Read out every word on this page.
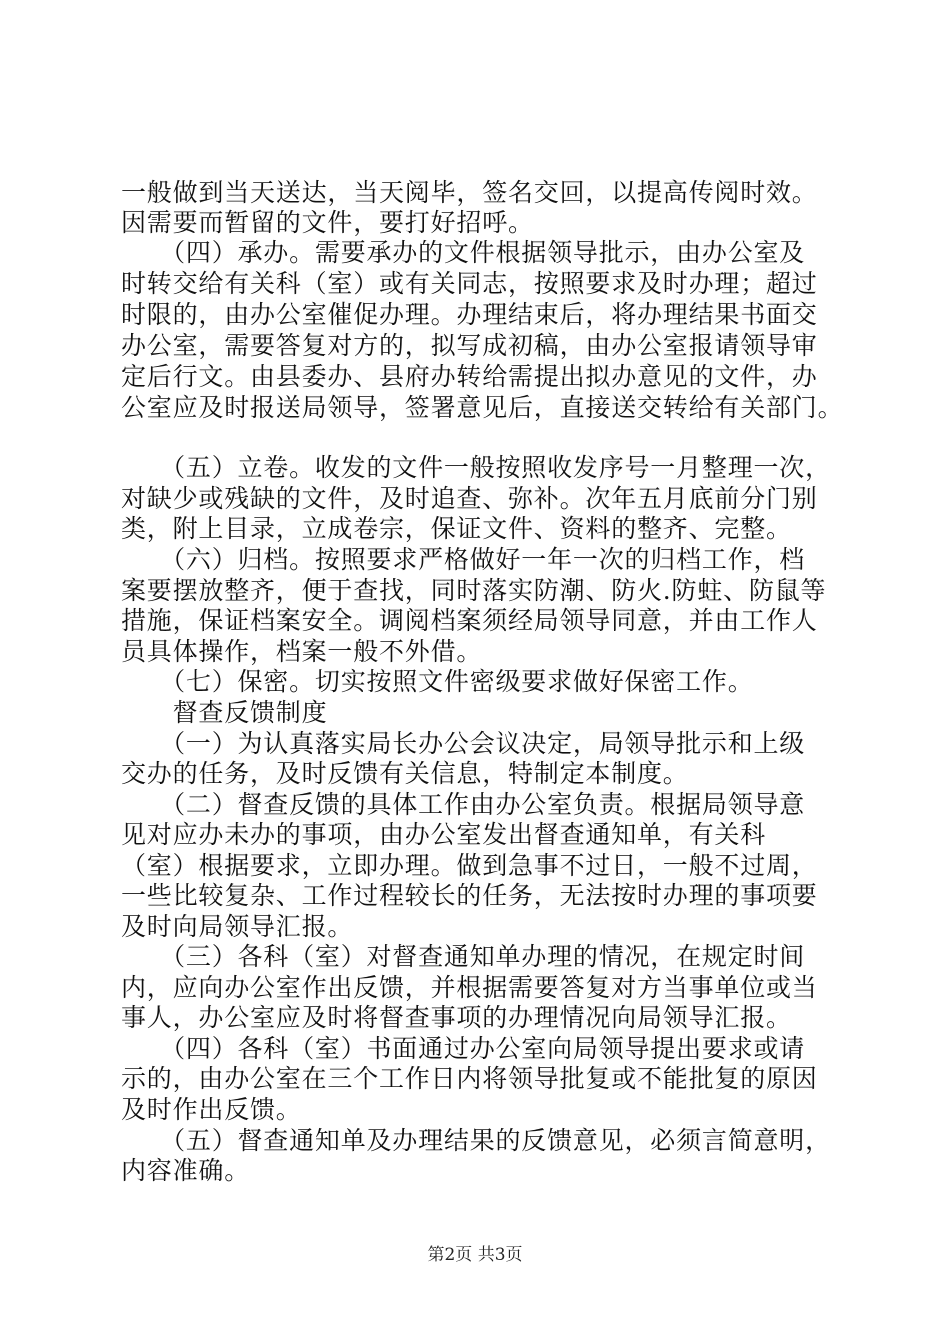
一般做到当天送达，当天阅毕，签名交回，以提高传阅时效。
因需要而暂留的文件，要打好招呼。
　　（四）承办。需要承办的文件根据领导批示，由办公室及
时转交给有关科（室）或有关同志，按照要求及时办理；超过
时限的，由办公室催促办理。办理结束后，将办理结果书面交
办公室，需要答复对方的，拟写成初稿，由办公室报请领导审
定后行文。由县委办、县府办转给需提出拟办意见的文件，办
公室应及时报送局领导，签署意见后，直接送交转给有关部门。
　　（五）立卷。收发的文件一般按照收发序号一月整理一次，
对缺少或残缺的文件，及时追查、弥补。次年五月底前分门别
类，附上目录，立成卷宗，保证文件、资料的整齐、完整。
　　（六）归档。按照要求严格做好一年一次的归档工作，档
案要摆放整齐，便于查找，同时落实防潮、防火.防蛀、防鼠等
措施，保证档案安全。调阅档案须经局领导同意，并由工作人
员具体操作，档案一般不外借。
　　（七）保密。切实按照文件密级要求做好保密工作。
　　督查反馈制度
　　（一）为认真落实局长办公会议决定，局领导批示和上级
交办的任务，及时反馈有关信息，特制定本制度。
　　（二）督查反馈的具体工作由办公室负责。根据局领导意
见对应办未办的事项，由办公室发出督查通知单，有关科
（室）根据要求，立即办理。做到急事不过日，一般不过周，
一些比较复杂、工作过程较长的任务，无法按时办理的事项要
及时向局领导汇报。
　　（三）各科（室）对督查通知单办理的情况，在规定时间
内，应向办公室作出反馈，并根据需要答复对方当事单位或当
事人，办公室应及时将督查事项的办理情况向局领导汇报。
　　（四）各科（室）书面通过办公室向局领导提出要求或请
示的，由办公室在三个工作日内将领导批复或不能批复的原因
及时作出反馈。
　　（五）督查通知单及办理结果的反馈意见，必须言简意明，
内容准确。
第2页 共3页
